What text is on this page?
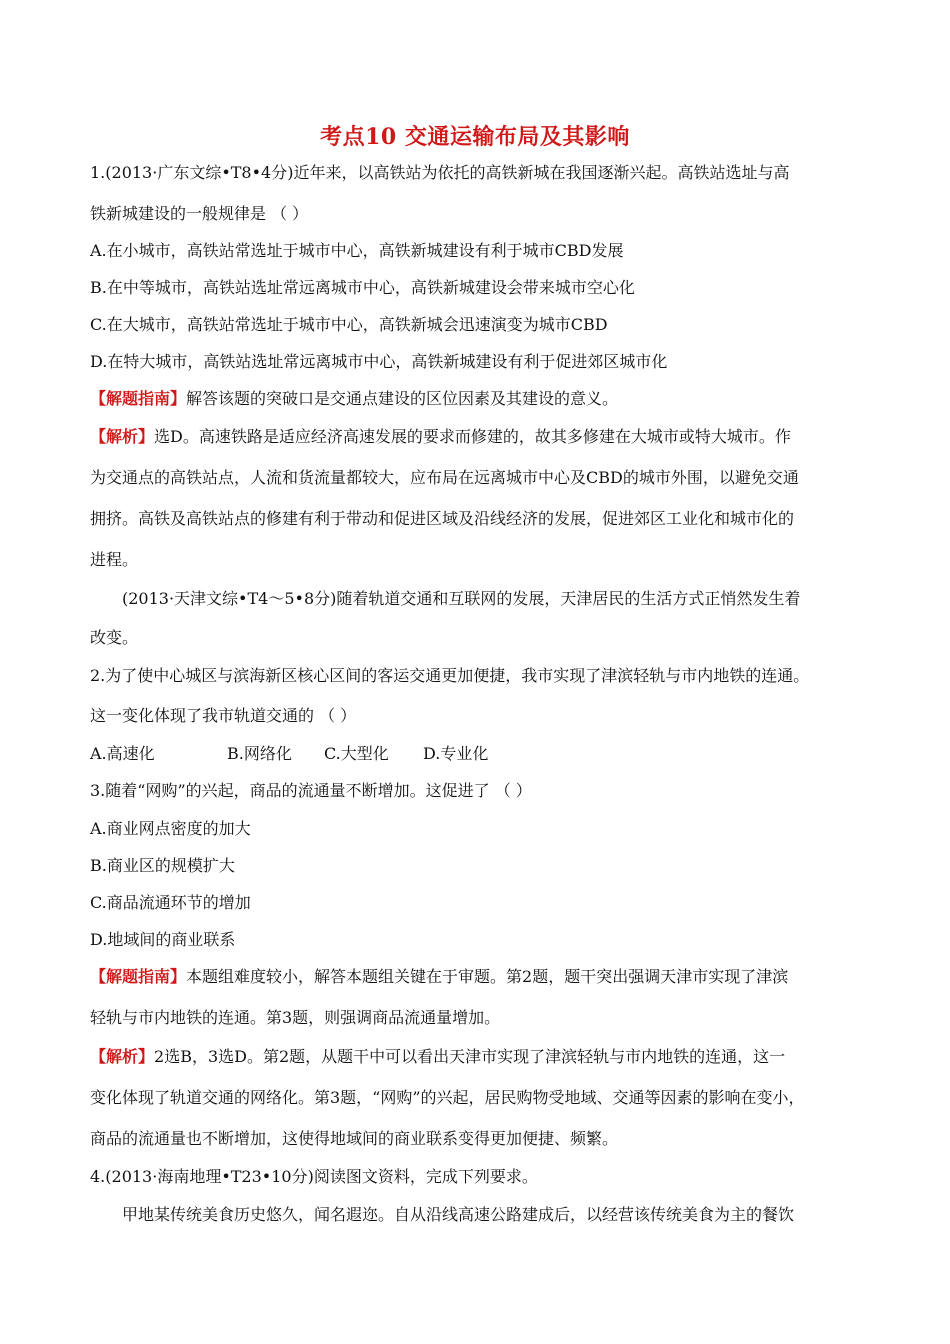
考点10 交通运输布局及其影响
1.(2013·广东文综•T8•4分)近年来，以高铁站为依托的高铁新城在我国逐渐兴起。高铁站选址与高
铁新城建设的一般规律是 （ ）
A.在小城市，高铁站常选址于城市中心，高铁新城建设有利于城市CBD发展
B.在中等城市，高铁站选址常远离城市中心，高铁新城建设会带来城市空心化
C.在大城市，高铁站常选址于城市中心，高铁新城会迅速演变为城市CBD
D.在特大城市，高铁站选址常远离城市中心，高铁新城建设有利于促进郊区城市化
【解题指南】解答该题的突破口是交通点建设的区位因素及其建设的意义。
【解析】选D。高速铁路是适应经济高速发展的要求而修建的，故其多修建在大城市或特大城市。作
为交通点的高铁站点，人流和货流量都较大，应布局在远离城市中心及CBD的城市外围，以避免交通
拥挤。高铁及高铁站点的修建有利于带动和促进区域及沿线经济的发展，促进郊区工业化和城市化的
进程。
(2013·天津文综•T4～5•8分)随着轨道交通和互联网的发展，天津居民的生活方式正悄然发生着
改变。
2.为了使中心城区与滨海新区核心区间的客运交通更加便捷，我市实现了津滨轻轨与市内地铁的连通。
这一变化体现了我市轨道交通的 （ ）
A.高速化	B.网络化 C.大型化 D.专业化
3.随着“网购”的兴起，商品的流通量不断增加。这促进了 （ ）
A.商业网点密度的加大
B.商业区的规模扩大
C.商品流通环节的增加
D.地域间的商业联系
【解题指南】本题组难度较小，解答本题组关键在于审题。第2题，题干突出强调天津市实现了津滨
轻轨与市内地铁的连通。第3题，则强调商品流通量增加。
【解析】2选B，3选D。第2题，从题干中可以看出天津市实现了津滨轻轨与市内地铁的连通，这一
变化体现了轨道交通的网络化。第3题，“网购”的兴起，居民购物受地域、交通等因素的影响在变小，
商品的流通量也不断增加，这使得地域间的商业联系变得更加便捷、频繁。
4.(2013·海南地理•T23•10分)阅读图文资料，完成下列要求。
甲地某传统美食历史悠久，闻名遐迩。自从沿线高速公路建成后，以经营该传统美食为主的餐饮
